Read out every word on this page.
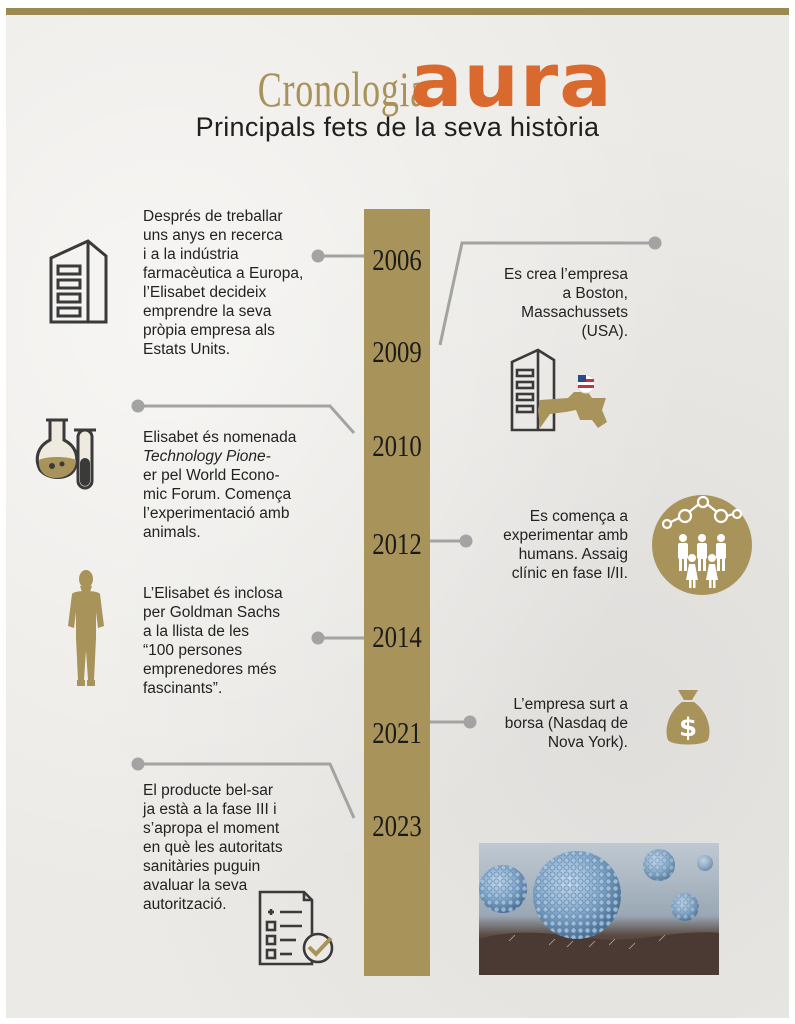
Cronologia aura
Principals fets de la seva història
2006
2009
2010
2012
2014
2021
2023
Després de treballar
uns anys en recerca
i a la indústria
farmacèutica a Europa,
l’Elisabet decideix
emprendre la seva
pròpia empresa als
Estats Units.
Es crea l’empresa
a Boston,
Massachussets
(USA).
Elisabet és nomenada
Technology Pione-
er pel World Econo-
mic Forum. Comença
l’experimentació amb
animals.
Es comença a
experimentar amb
humans. Assaig
clínic en fase I/II.
L’Elisabet és inclosa
per Goldman Sachs
a la llista de les
“100 persones
emprenedores més
fascinants”.
L’empresa surt a
borsa (Nasdaq de
Nova York).
El producte bel-sar
ja està a la fase III i
s’apropa el moment
en què les autoritats
sanitàries puguin
avaluar la seva
autorització.
$
